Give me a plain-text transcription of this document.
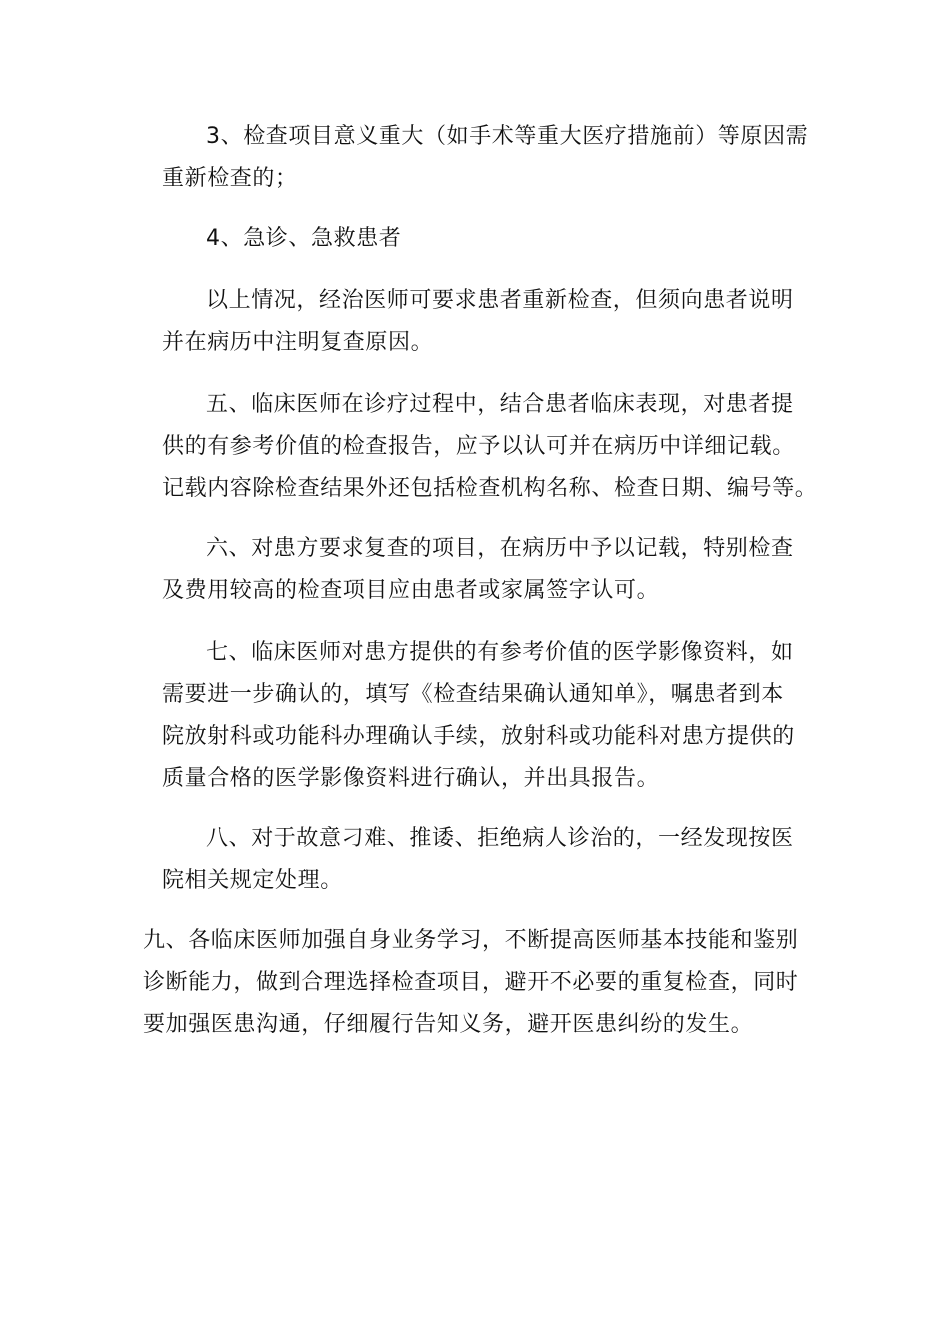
3、检查项目意义重大（如手术等重大医疗措施前）等原因需
重新检查的；
4、急诊、急救患者
以上情况，经治医师可要求患者重新检查，但须向患者说明
并在病历中注明复查原因。
五、临床医师在诊疗过程中，结合患者临床表现，对患者提
供的有参考价值的检查报告，应予以认可并在病历中详细记载。
记载内容除检查结果外还包括检查机构名称、检查日期、编号等。
六、对患方要求复查的项目，在病历中予以记载，特别检查
及费用较高的检查项目应由患者或家属签字认可。
七、临床医师对患方提供的有参考价值的医学影像资料，如
需要进一步确认的，填写《检查结果确认通知单》，嘱患者到本
院放射科或功能科办理确认手续，放射科或功能科对患方提供的
质量合格的医学影像资料进行确认，并出具报告。
八、对于故意刁难、推诿、拒绝病人诊治的，一经发现按医
院相关规定处理。
九、各临床医师加强自身业务学习，不断提高医师基本技能和鉴别
诊断能力，做到合理选择检查项目，避开不必要的重复检查，同时
要加强医患沟通，仔细履行告知义务，避开医患纠纷的发生。
